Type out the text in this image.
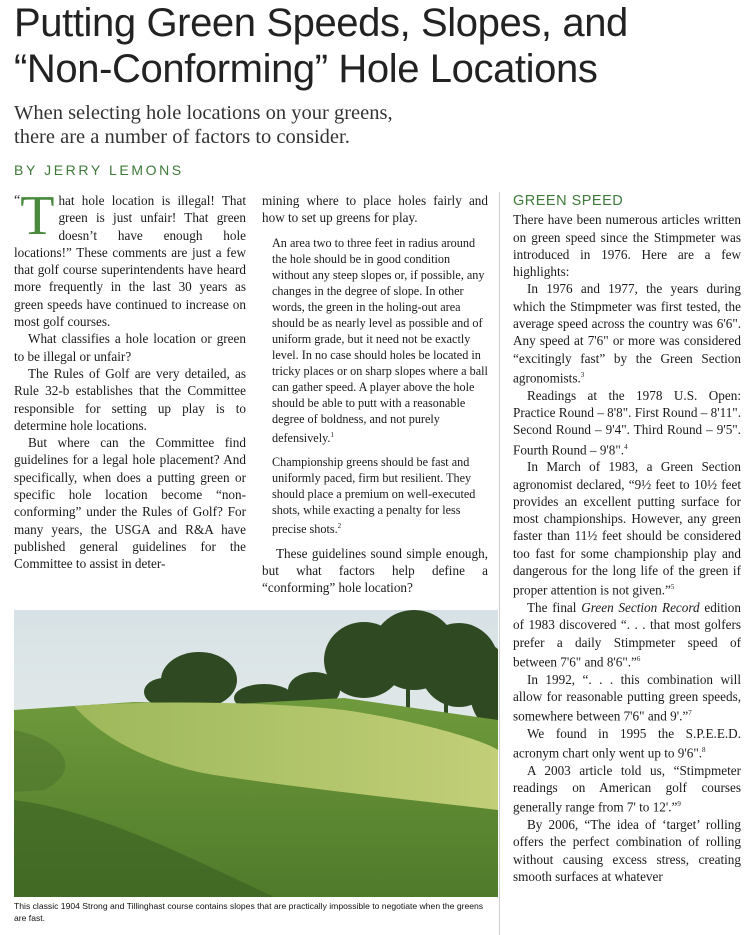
Putting Green Speeds, Slopes, and
“Non-Conforming” Hole Locations
When selecting hole locations on your greens,
there are a number of factors to consider.
BY JERRY LEMONS

“ T hat hole location is illegal! That green is just unfair! That green doesn’t have enough hole locations!” These comments are just a few that golf course superintendents have heard more frequently in the last 30 years as green speeds have continued to increase on most golf courses.

What classifies a hole location or green to be illegal or unfair?

The Rules of Golf are very detailed, as Rule 32-b establishes that the Committee responsible for setting up play is to determine hole locations.

But where can the Committee find guidelines for a legal hole placement? And specifically, when does a putting green or specific hole location become “non-conforming” under the Rules of Golf? For many years, the USGA and R&A have published general guidelines for the Committee to assist in deter-

mining where to place holes fairly and how to set up greens for play.

An area two to three feet in radius around the hole should be in good condition without any steep slopes or, if possible, any changes in the degree of slope. In other words, the green in the holing-out area should be as nearly level as possible and of uniform grade, but it need not be exactly level. In no case should holes be located in tricky places or on sharp slopes where a ball can gather speed. A player above the hole should be able to putt with a reasonable degree of boldness, and not purely defensively.$^1$

Championship greens should be fast and uniformly paced, firm but resilient. They should place a premium on well-executed shots, while exacting a penalty for less precise shots.$^2$

These guidelines sound simple enough, but what factors help define a “conforming” hole location?

GREEN SPEED

There have been numerous articles written on green speed since the Stimpmeter was introduced in 1976. Here are a few highlights:

In 1976 and 1977, the years during which the Stimpmeter was first tested, the average speed across the country was 6'6". Any speed at 7'6" or more was considered “excitingly fast” by the Green Section agronomists.$^3$

Readings at the 1978 U.S. Open: Practice Round – 8'8". First Round – 8'11". Second Round – 9'4". Third Round – 9'5". Fourth Round – 9'8".$^4$

In March of 1983, a Green Section agronomist declared, “9½ feet to 10½ feet provides an excellent putting surface for most championships. However, any green faster than 11½ feet should be considered too fast for some championship play and dangerous for the long life of the green if proper attention is not given.”$^5$

The final Green Section Record edition of 1983 discovered “. . . that most golfers prefer a daily Stimpmeter speed of between 7'6" and 8'6".”$^6$

In 1992, “. . . this combination will allow for reasonable putting green speeds, somewhere between 7'6" and 9'.”$^7$

We found in 1995 the S.P.E.E.D. acronym chart only went up to 9'6".$^8$

A 2003 article told us, “Stimpmeter readings on American golf courses generally range from 7' to 12'.”$^9$

By 2006, “The idea of ‘target’ rolling offers the perfect combination of rolling without causing excess stress, creating smooth surfaces at whatever

This classic 1904 Strong and Tillinghast course contains slopes that are practically impossible to negotiate when the greens are fast.
